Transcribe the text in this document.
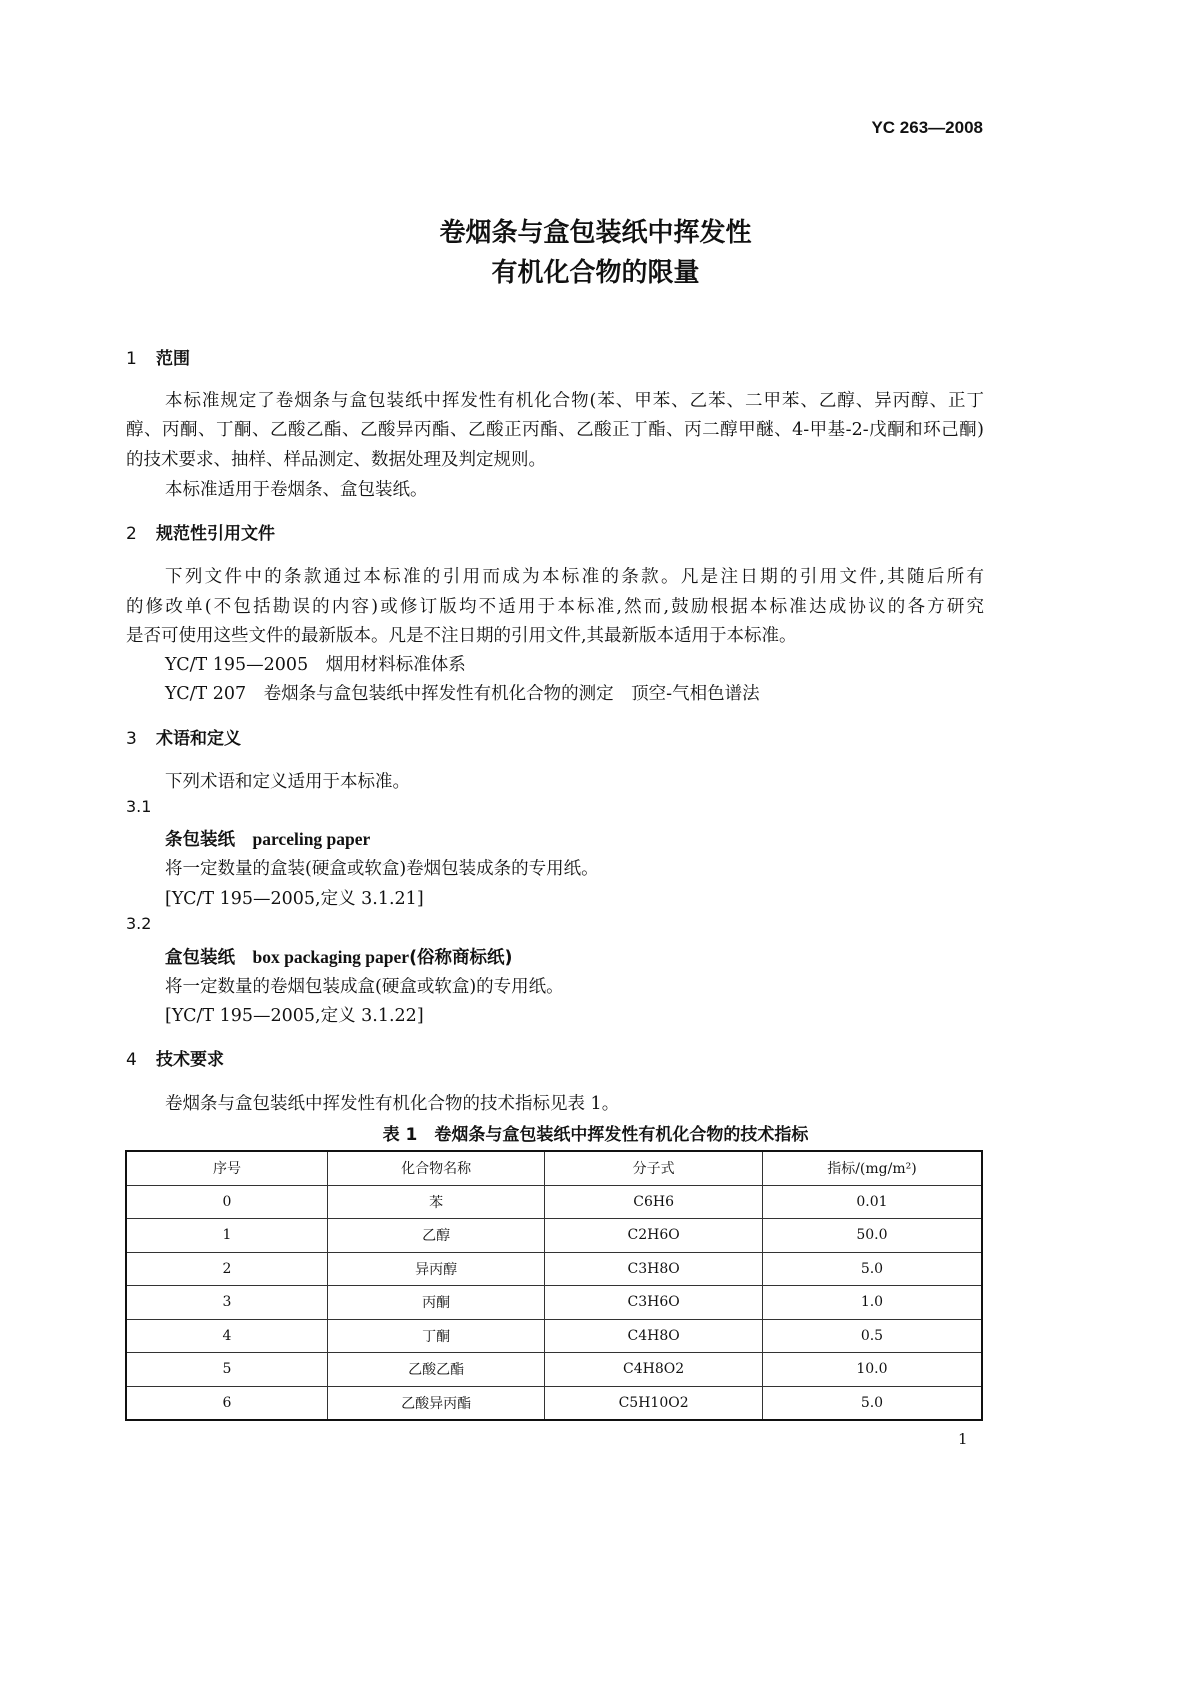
YC 263—2008
卷烟条与盒包装纸中挥发性
有机化合物的限量
1 范围
本标准规定了卷烟条与盒包装纸中挥发性有机化合物(苯、甲苯、乙苯、二甲苯、乙醇、异丙醇、正丁
醇、丙酮、丁酮、乙酸乙酯、乙酸异丙酯、乙酸正丙酯、乙酸正丁酯、丙二醇甲醚、4-甲基-2-戊酮和环己酮)
的技术要求、抽样、样品测定、数据处理及判定规则。
本标准适用于卷烟条、盒包装纸。
2 规范性引用文件
下列文件中的条款通过本标准的引用而成为本标准的条款。凡是注日期的引用文件,其随后所有
的修改单(不包括勘误的内容)或修订版均不适用于本标准,然而,鼓励根据本标准达成协议的各方研究
是否可使用这些文件的最新版本。凡是不注日期的引用文件,其最新版本适用于本标准。
YC/T 195—2005　 烟用材料标准体系
YC/T 207　 卷烟条与盒包装纸中挥发性有机化合物的测定　顶空-气相色谱法
3 术语和定义
下列术语和定义适用于本标准。
3.1
条包装纸　 parceling paper
将一定数量的盒装(硬盒或软盒)卷烟包装成条的专用纸。
[YC/T 195—2005,定义 3.1.21]
3.2
盒包装纸　 box packaging paper(俗称商标纸)
将一定数量的卷烟包装成盒(硬盒或软盒)的专用纸。
[YC/T 195—2005,定义 3.1.22]
4 技术要求
卷烟条与盒包装纸中挥发性有机化合物的技术指标见表 1。
表 1　卷烟条与盒包装纸中挥发性有机化合物的技术指标
序号	化合物名称	分子式	指标/(mg/m²)
0	苯	C6H6	0.01
1	乙醇	C2H6O	50.0
2	异丙醇	C3H8O	5.0
3	丙酮	C3H6O	1.0
4	丁酮	C4H8O	0.5
5	乙酸乙酯	C4H8O2	10.0
6	乙酸异丙酯	C5H10O2	5.0
1
